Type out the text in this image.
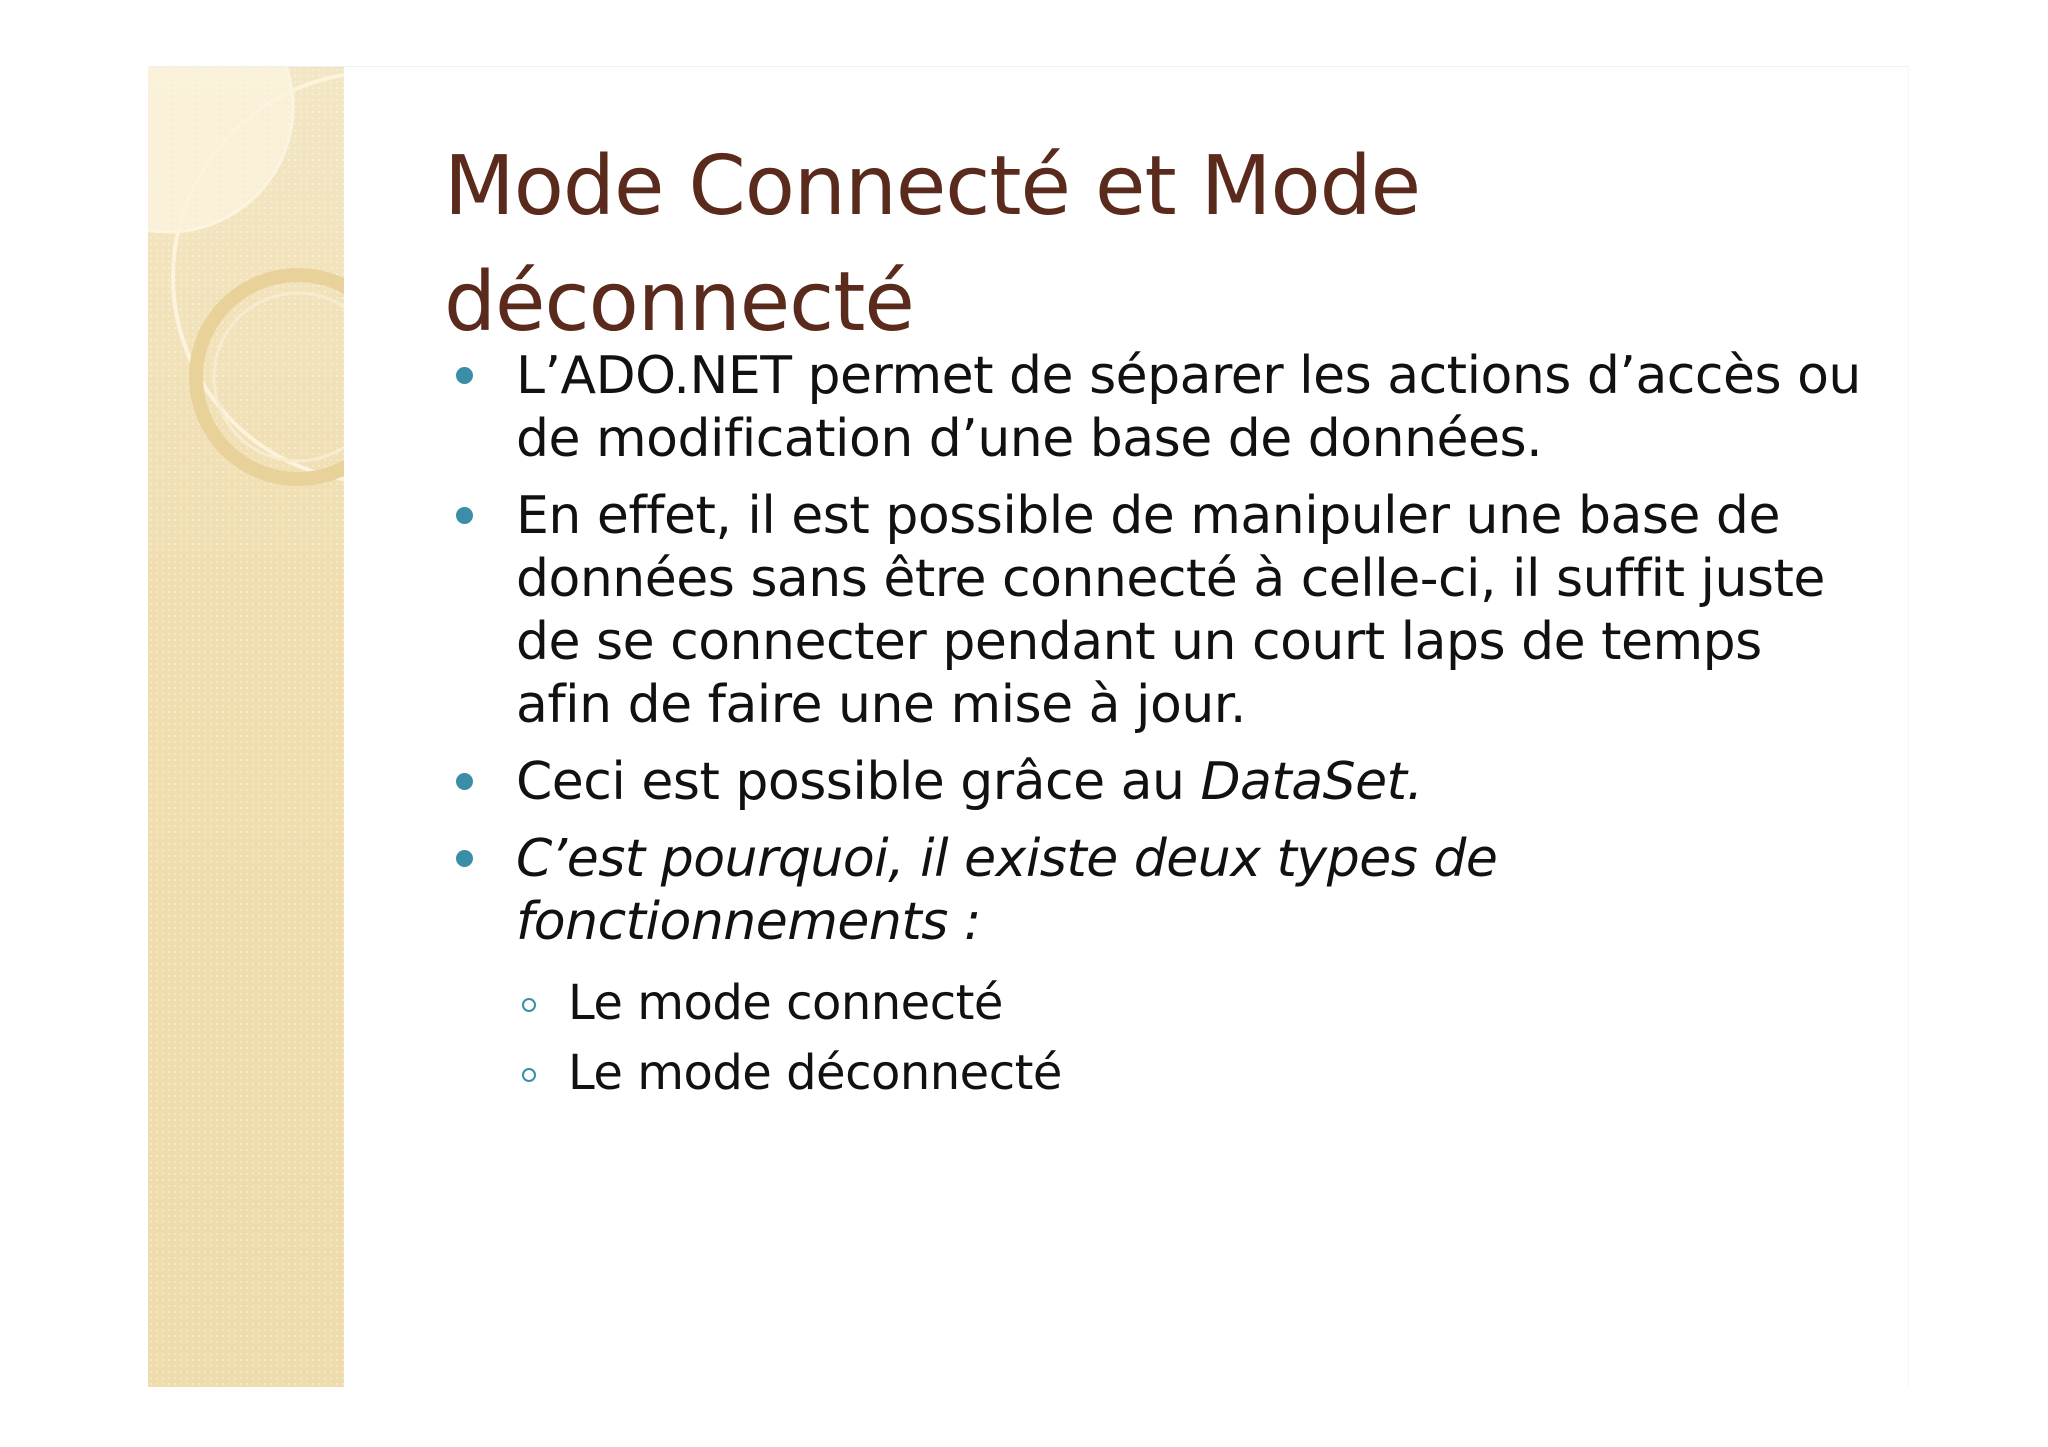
Mode Connecté et Mode déconnecté
L’ADO.NET permet de séparer les actions d’accès ou de modification d’une base de données.
En effet, il est possible de manipuler une base de données sans être connecté à celle-ci, il suffit juste de se connecter pendant un court laps de temps afin de faire une mise à jour.
Ceci est possible grâce au DataSet.
C’est pourquoi, il existe deux types de fonctionnements :
Le mode connecté
Le mode déconnecté
